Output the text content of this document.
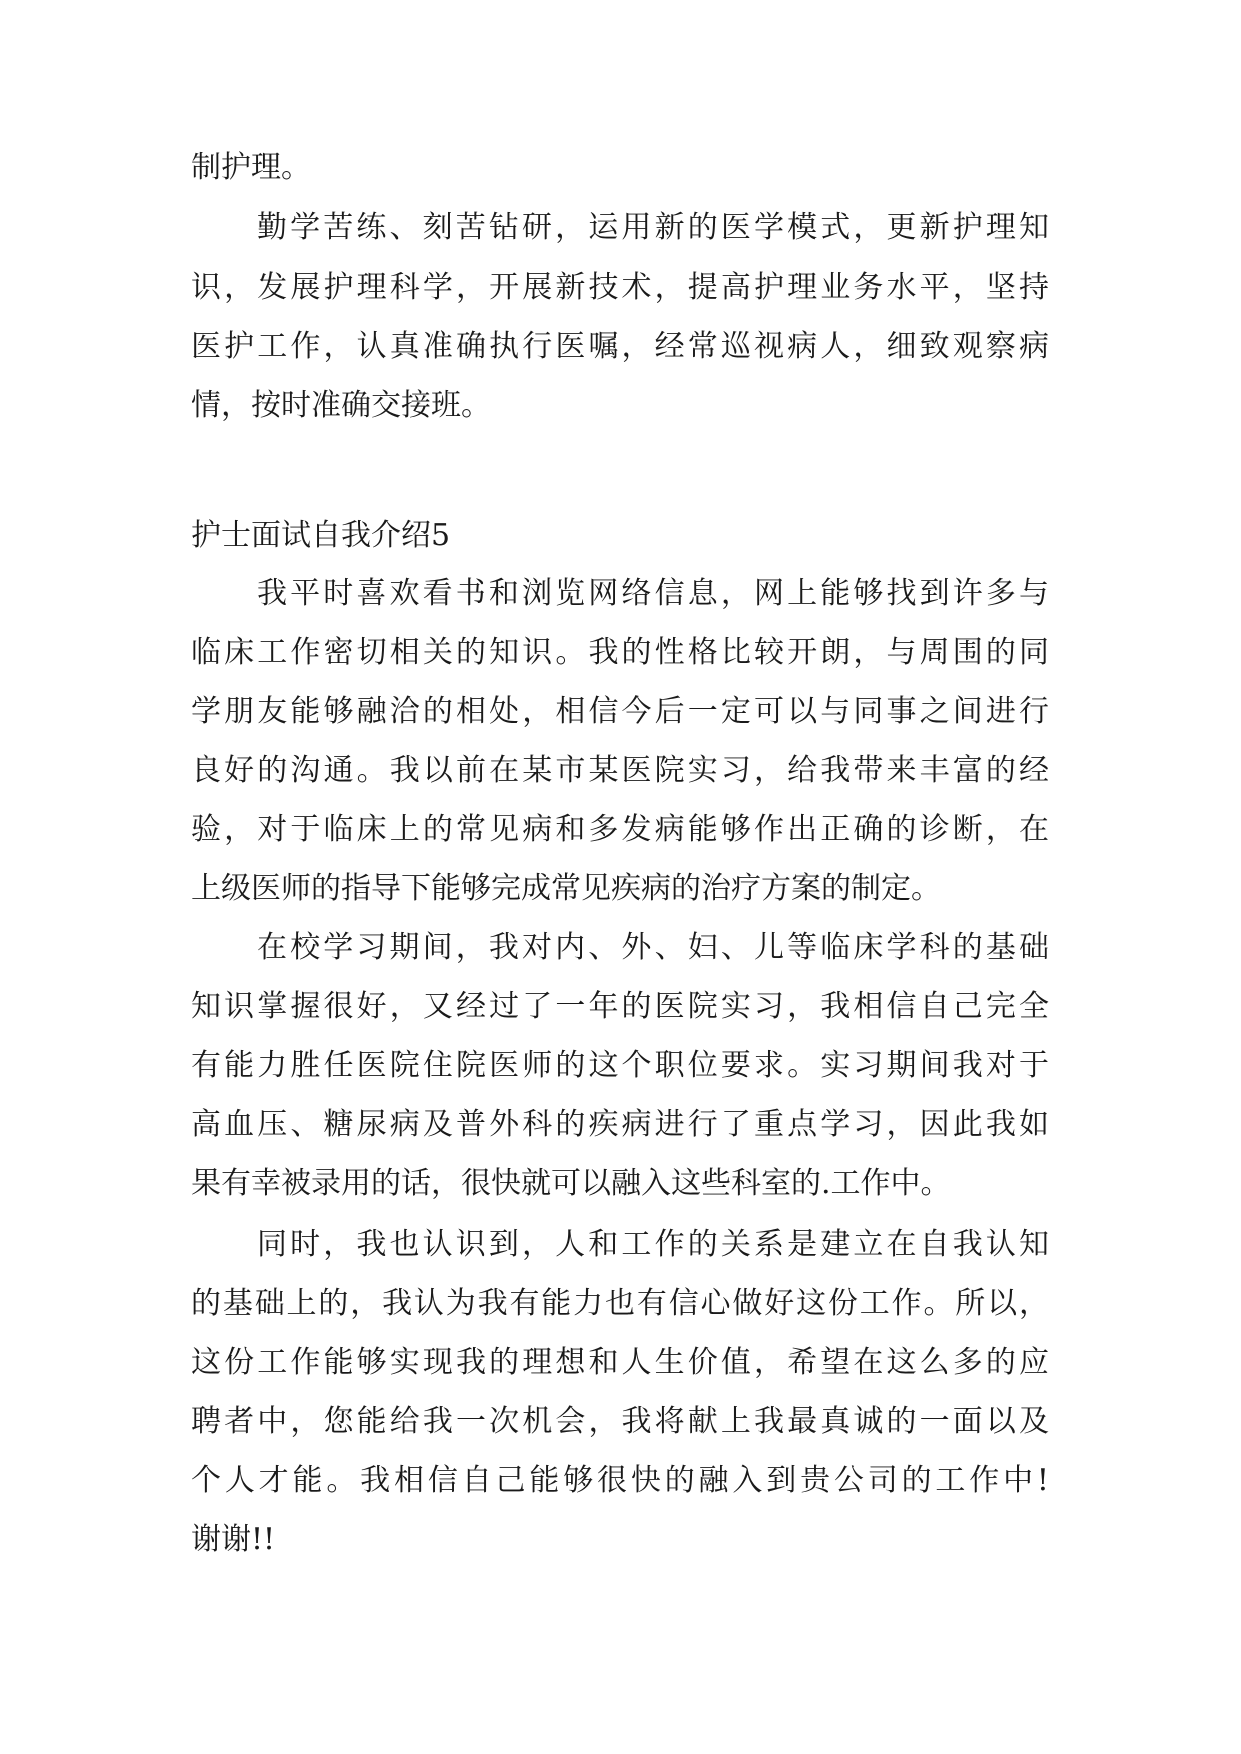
制护理。
勤学苦练、刻苦钻研，运用新的医学模式，更新护理知
识，发展护理科学，开展新技术，提高护理业务水平，坚持
医护工作，认真准确执行医嘱，经常巡视病人，细致观察病
情，按时准确交接班。
护士面试自我介绍5
我平时喜欢看书和浏览网络信息，网上能够找到许多与
临床工作密切相关的知识。我的性格比较开朗，与周围的同
学朋友能够融洽的相处，相信今后一定可以与同事之间进行
良好的沟通。我以前在某市某医院实习，给我带来丰富的经
验，对于临床上的常见病和多发病能够作出正确的诊断，在
上级医师的指导下能够完成常见疾病的治疗方案的制定。
在校学习期间，我对内、外、妇、儿等临床学科的基础
知识掌握很好，又经过了一年的医院实习，我相信自己完全
有能力胜任医院住院医师的这个职位要求。实习期间我对于
高血压、糖尿病及普外科的疾病进行了重点学习，因此我如
果有幸被录用的话，很快就可以融入这些科室的.工作中。
同时，我也认识到，人和工作的关系是建立在自我认知
的基础上的，我认为我有能力也有信心做好这份工作。所以，
这份工作能够实现我的理想和人生价值，希望在这么多的应
聘者中，您能给我一次机会，我将献上我最真诚的一面以及
个人才能。我相信自己能够很快的融入到贵公司的工作中!
谢谢!!
